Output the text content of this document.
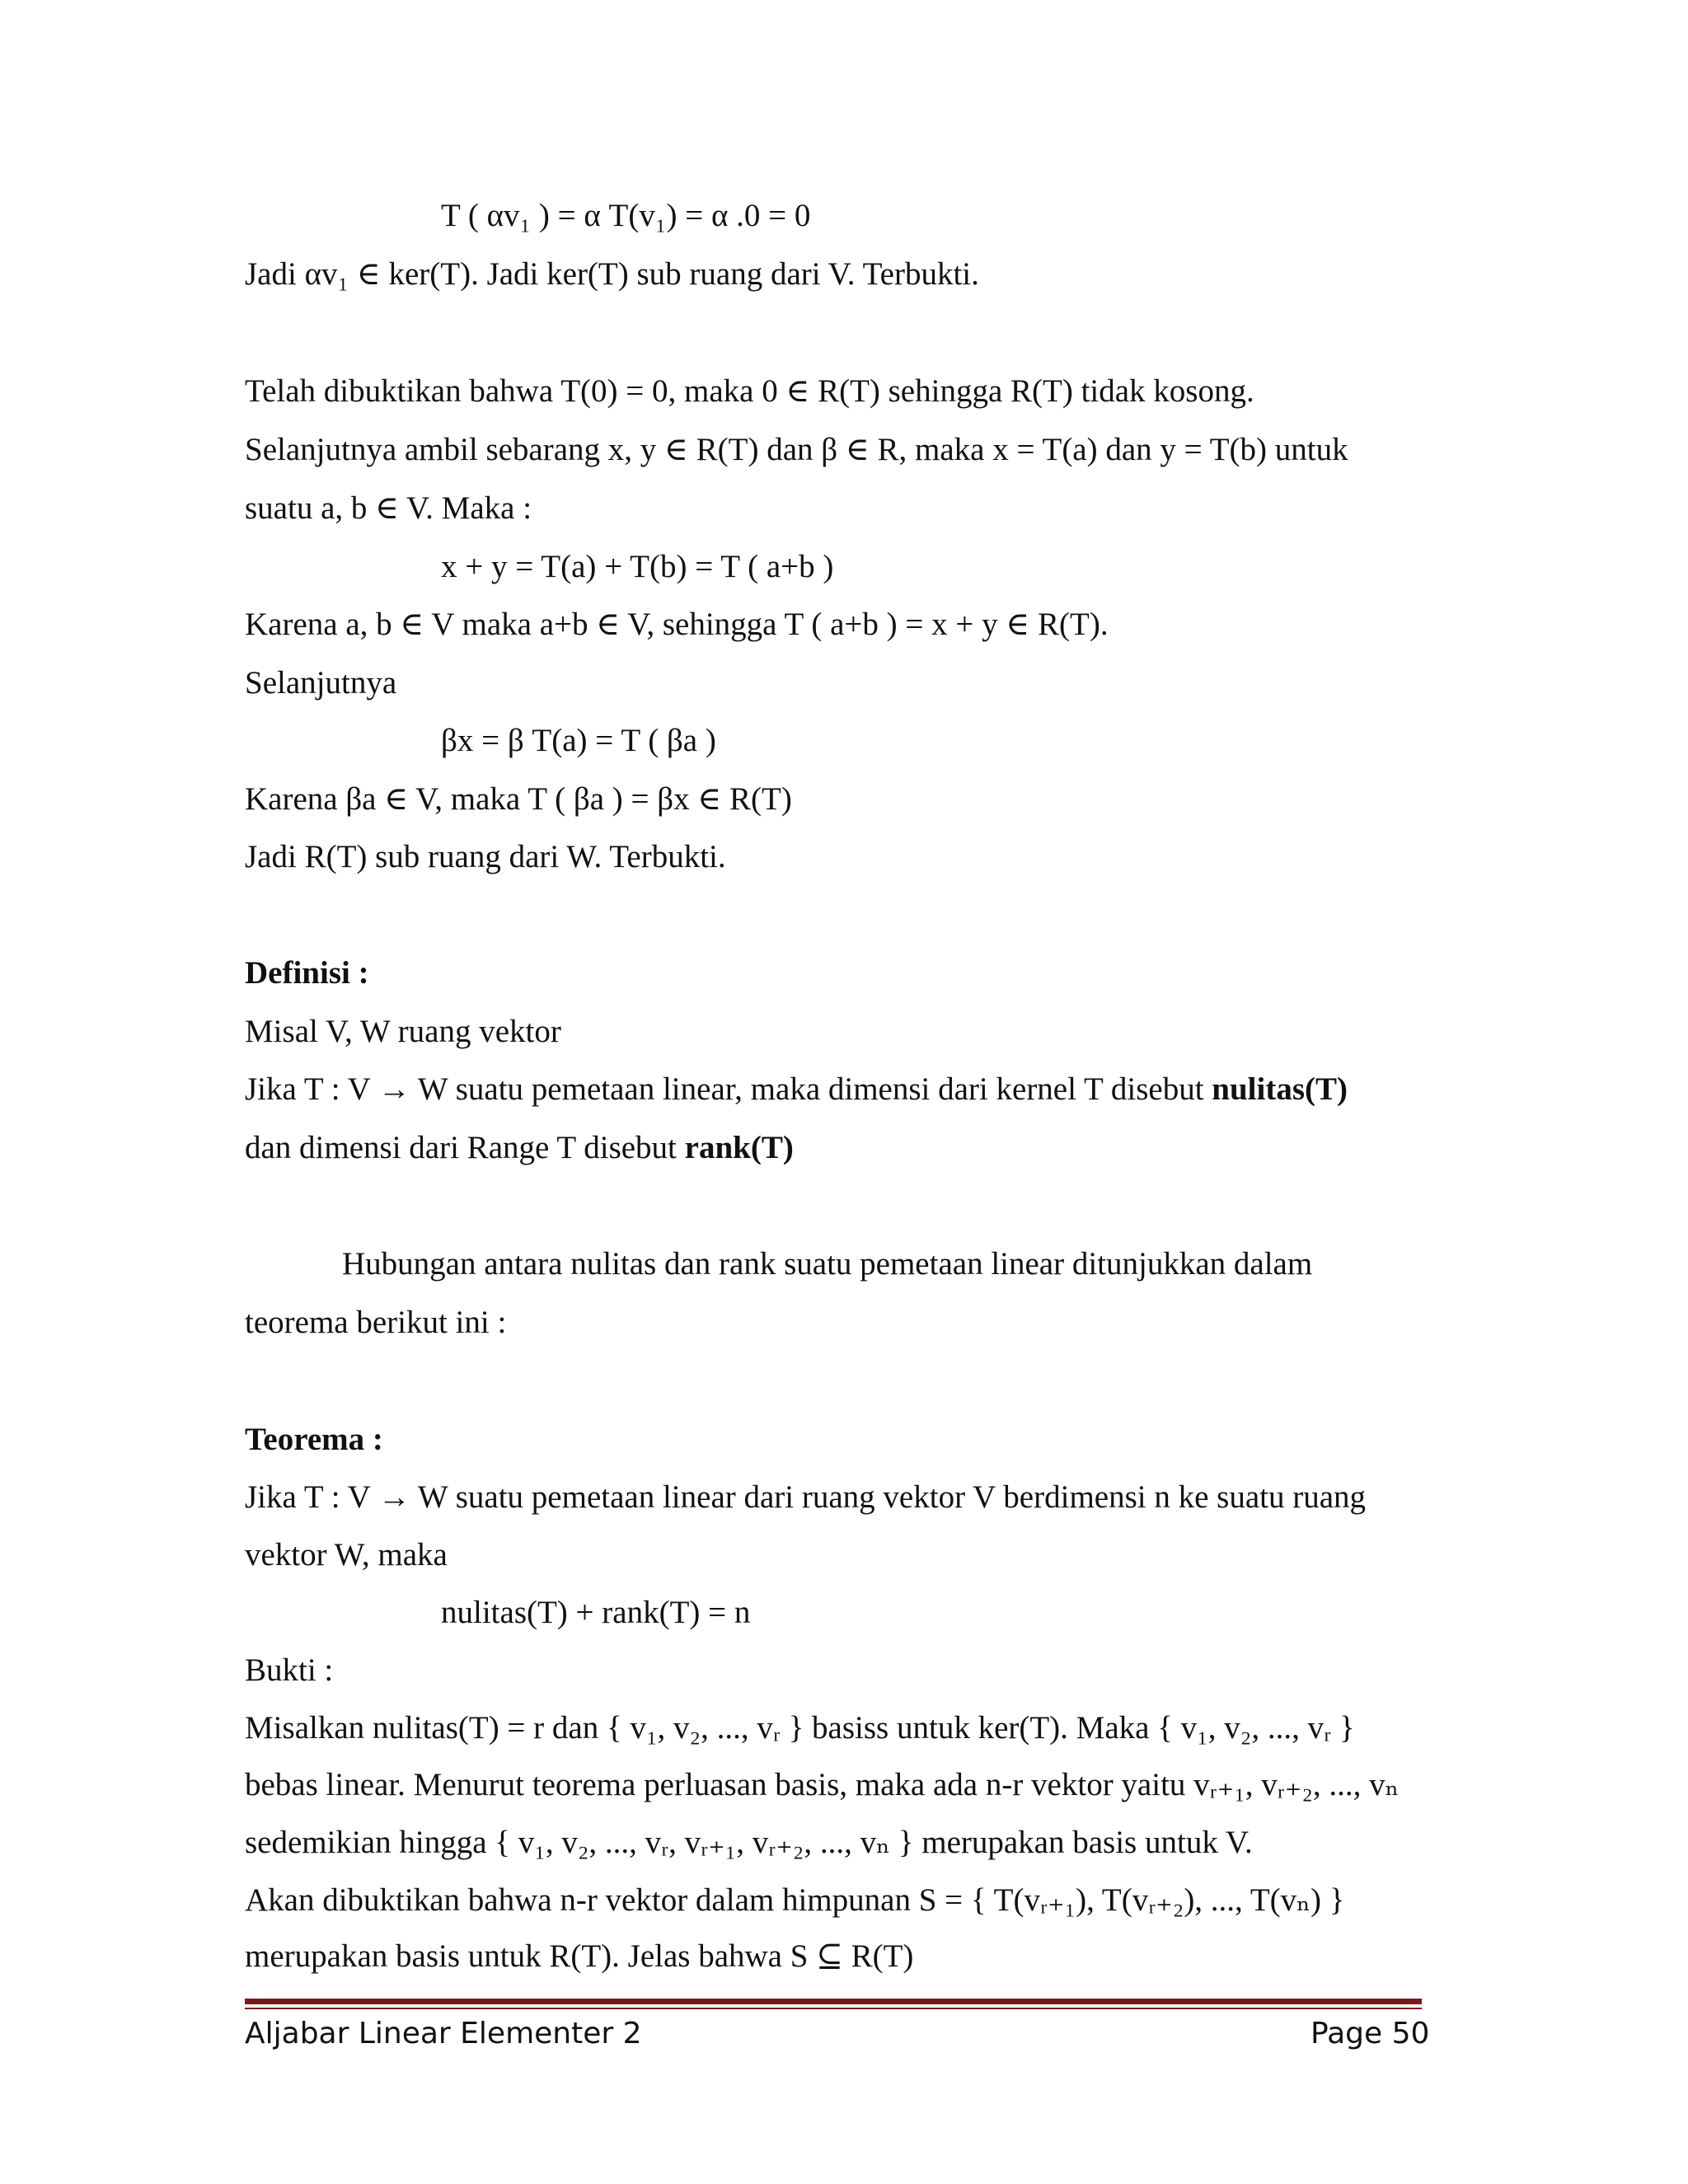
T ( αv₁ ) = α T(v₁) = α .0 = 0
Jadi αv₁ ∈ ker(T). Jadi ker(T) sub ruang dari V. Terbukti.
Telah dibuktikan bahwa T(0) = 0, maka 0 ∈ R(T) sehingga R(T) tidak kosong.
Selanjutnya ambil sebarang x, y ∈ R(T) dan β ∈ R, maka x = T(a) dan y = T(b) untuk
suatu a, b ∈ V. Maka :
x + y = T(a) + T(b) = T ( a+b )
Karena a, b ∈ V maka a+b ∈ V, sehingga T ( a+b ) = x + y ∈ R(T).
Selanjutnya
βx = β T(a) = T ( βa )
Karena βa ∈ V, maka T ( βa ) = βx ∈ R(T)
Jadi R(T) sub ruang dari W. Terbukti.
Definisi :
Misal V, W ruang vektor
Jika T : V → W suatu pemetaan linear, maka dimensi dari kernel T disebut nulitas(T)
dan dimensi dari Range T disebut rank(T)
Hubungan antara nulitas dan rank suatu pemetaan linear ditunjukkan dalam
teorema berikut ini :
Teorema :
Jika T : V → W suatu pemetaan linear dari ruang vektor V berdimensi n ke suatu ruang
vektor W, maka
nulitas(T) + rank(T) = n
Bukti :
Misalkan nulitas(T) = r dan { v₁, v₂, ..., vᵣ } basiss untuk ker(T). Maka { v₁, v₂, ..., vᵣ }
bebas linear. Menurut teorema perluasan basis, maka ada n-r vektor yaitu vᵣ₊₁, vᵣ₊₂, ..., vₙ
sedemikian hingga { v₁, v₂, ..., vᵣ, vᵣ₊₁, vᵣ₊₂, ..., vₙ } merupakan basis untuk V.
Akan dibuktikan bahwa n-r vektor dalam himpunan S = { T(vᵣ₊₁), T(vᵣ₊₂), ..., T(vₙ) }
merupakan basis untuk R(T). Jelas bahwa S ⊆ R(T)
Aljabar Linear Elementer 2	Page 50
